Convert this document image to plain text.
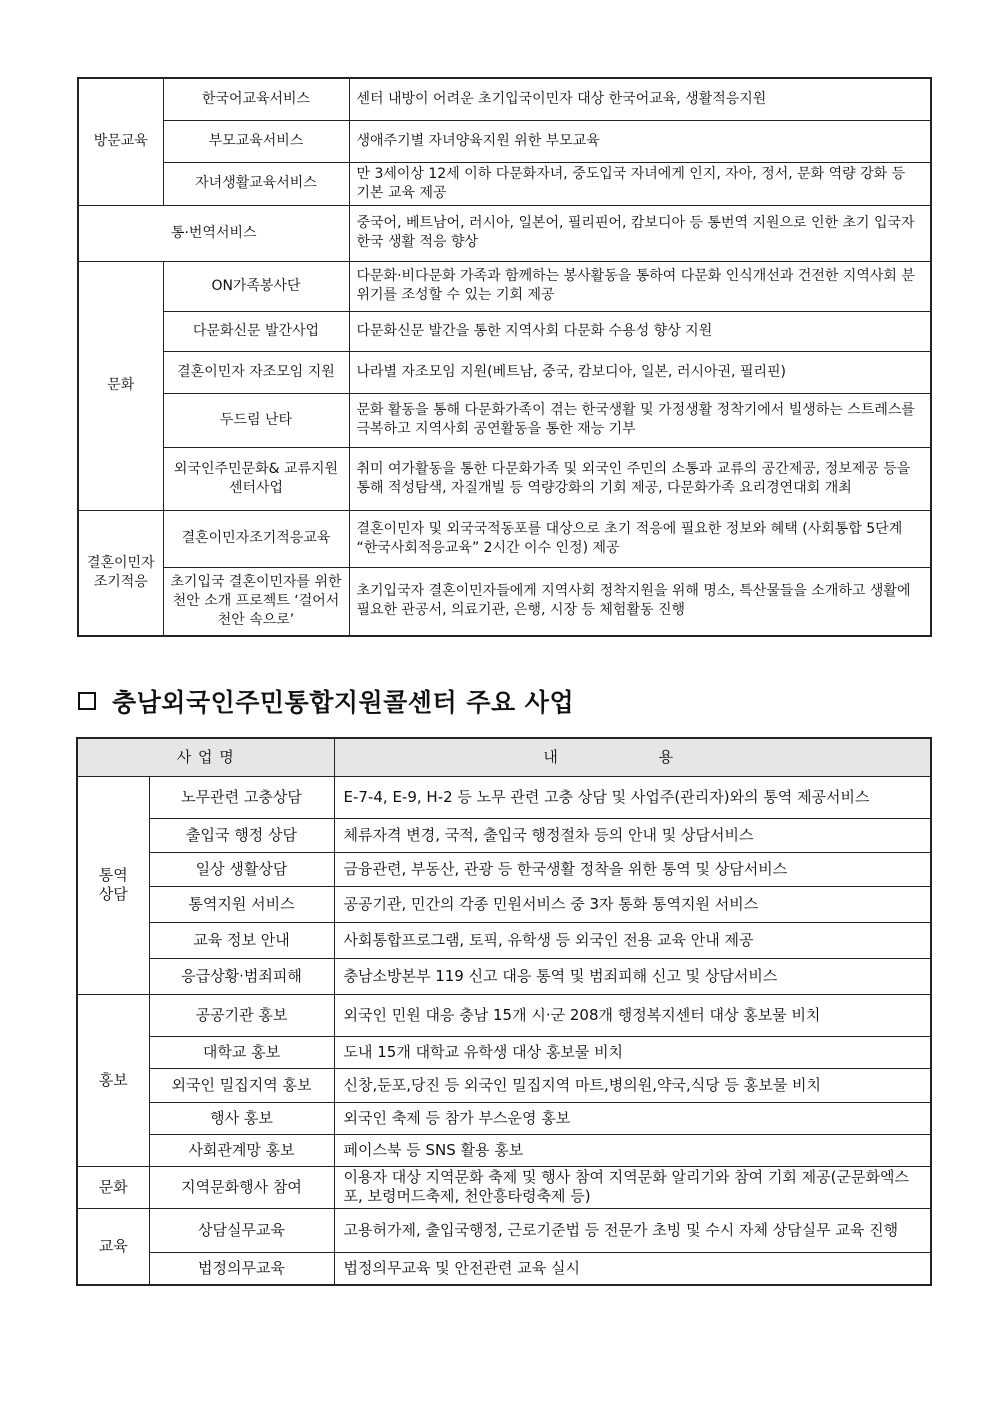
방문교육	한국어교육서비스	센터 내방이 어려운 초기입국이민자 대상 한국어교육, 생활적응지원
	부모교육서비스	생애주기별 자녀양육지원 위한 부모교육
	자녀생활교육서비스	만 3세이상 12세 이하 다문화자녀, 중도입국 자녀에게 인지, 자아, 정서, 문화 역량 강화 등 기본 교육 제공
통·번역서비스		중국어, 베트남어, 러시아, 일본어, 필리핀어, 캄보디아 등 통번역 지원으로 인한 초기 입국자 한국 생활 적응 향상
문화	ON가족봉사단	다문화·비다문화 가족과 함께하는 봉사활동을 통하여 다문화 인식개선과 건전한 지역사회 분위기를 조성할 수 있는 기회 제공
	다문화신문 발간사업	다문화신문 발간을 통한 지역사회 다문화 수용성 향상 지원
	결혼이민자 자조모임 지원	나라별 자조모임 지원(베트남, 중국, 캄보디아, 일본, 러시아권, 필리핀)
	두드림 난타	문화 활동을 통해 다문화가족이 겪는 한국생활 및 가정생활 정착기에서 빌생하는 스트레스를 극복하고 지역사회 공연활동을 통한 재능 기부
	외국인주민문화& 교류지원센터사업	취미 여가활동을 통한 다문화가족 및 외국인 주민의 소통과 교류의 공간제공, 정보제공 등을 통해 적성탐색, 자질개빌 등 역량강화의 기회 제공, 다문화가족 요리경연대회 개최
결혼이민자 조기적응	결혼이민자조기적응교육	결혼이민자 및 외국국적동포를 대상으로 초기 적응에 필요한 정보와 혜택 (사회통합 5단계 “한국사회적응교육” 2시간 이수 인정) 제공
	초기입국 결혼이민자를 위한 천안 소개 프로젝트 ‘걸어서 천안 속으로’	초기입국자 결혼이민자들에게 지역사회 정착지원을 위해 명소, 특산물들을 소개하고 생활에 필요한 관공서, 의료기관, 은행, 시장 등 체험활동 진행
충남외국인주민통합지원콜센터 주요 사업
사 업 명		내 용
통역 상담	노무관련 고충상담	E-7-4, E-9, H-2 등 노무 관련 고충 상담 및 사업주(관리자)와의 통역 제공서비스
	출입국 행정 상담	체류자격 변경, 국적, 출입국 행정절차 등의 안내 및 상담서비스
	일상 생활상담	금융관련, 부동산, 관광 등 한국생활 정착을 위한 통역 및 상담서비스
	통역지원 서비스	공공기관, 민간의 각종 민원서비스 중 3자 통화 통역지원 서비스
	교육 정보 안내	사회통합프로그램, 토픽, 유학생 등 외국인 전용 교육 안내 제공
	응급상황·범죄피해	충남소방본부 119 신고 대응 통역 및 범죄피해 신고 및 상담서비스
홍보	공공기관 홍보	외국인 민원 대응 충남 15개 시·군 208개 행정복지센터 대상 홍보물 비치
	대학교 홍보	도내 15개 대학교 유학생 대상 홍보물 비치
	외국인 밀집지역 홍보	신창,둔포,당진 등 외국인 밀집지역 마트,병의원,약국,식당 등 홍보물 비치
	행사 홍보	외국인 축제 등 참가 부스운영 홍보
	사회관계망 홍보	페이스북 등 SNS 활용 홍보
문화	지역문화행사 참여	이용자 대상 지역문화 축제 및 행사 참여 지역문화 알리기와 참여 기회 제공(군문화엑스포, 보령머드축제, 천안흥타령축제 등)
교육	상담실무교육	고용허가제, 출입국행정, 근로기준법 등 전문가 초빙 및 수시 자체 상담실무 교육 진행
	법정의무교육	법정의무교육 및 안전관련 교육 실시
